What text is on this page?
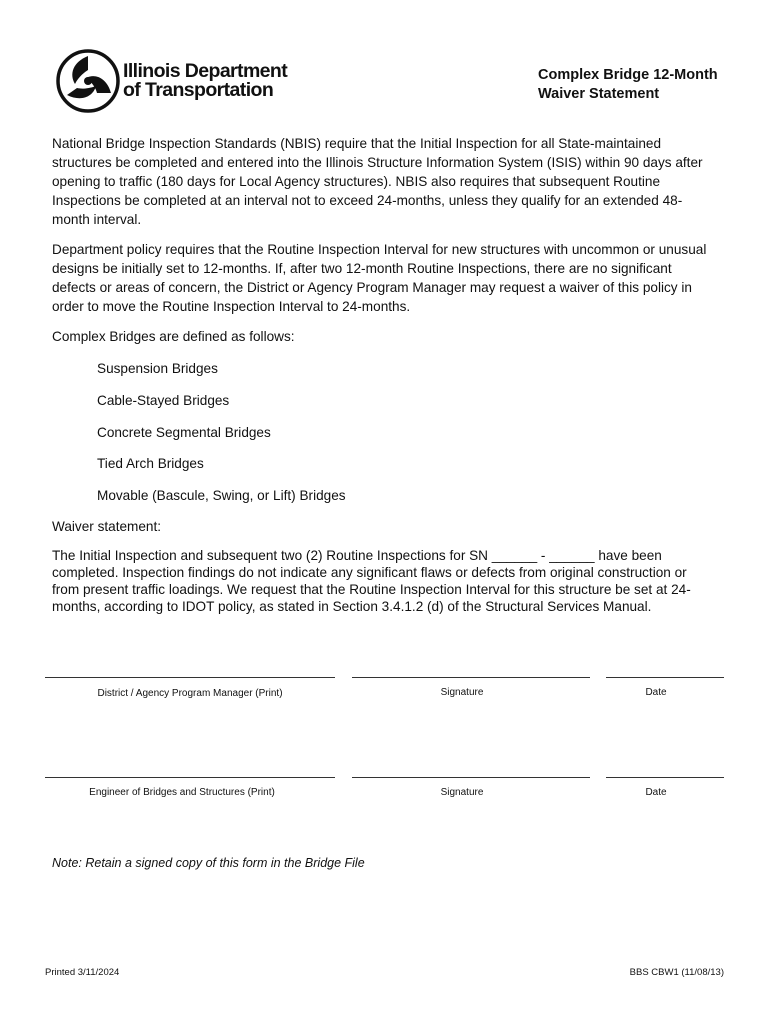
Illinois Department
of Transportation
Complex Bridge 12-Month
Waiver Statement

National Bridge Inspection Standards (NBIS) require that the Initial Inspection for all State-maintained structures be completed and entered into the Illinois Structure Information System (ISIS) within 90 days after opening to traffic (180 days for Local Agency structures). NBIS also requires that subsequent Routine Inspections be completed at an interval not to exceed 24-months, unless they qualify for an extended 48-month interval.

Department policy requires that the Routine Inspection Interval for new structures with uncommon or unusual designs be initially set to 12-months. If, after two 12-month Routine Inspections, there are no significant defects or areas of concern, the District or Agency Program Manager may request a waiver of this policy in order to move the Routine Inspection Interval to 24-months.

Complex Bridges are defined as follows:
Suspension Bridges
Cable-Stayed Bridges
Concrete Segmental Bridges
Tied Arch Bridges
Movable (Bascule, Swing, or Lift) Bridges
Waiver statement:

The Initial Inspection and subsequent two (2) Routine Inspections for SN ______ - ______ have been completed. Inspection findings do not indicate any significant flaws or defects from original construction or from present traffic loadings. We request that the Routine Inspection Interval for this structure be set at 24-months, according to IDOT policy, as stated in Section 3.4.1.2 (d) of the Structural Services Manual.

District / Agency Program Manager (Print)	Signature	Date
Engineer of Bridges and Structures (Print)	Signature	Date
Note: Retain a signed copy of this form in the Bridge File
Printed 3/11/2024	BBS CBW1 (11/08/13)
